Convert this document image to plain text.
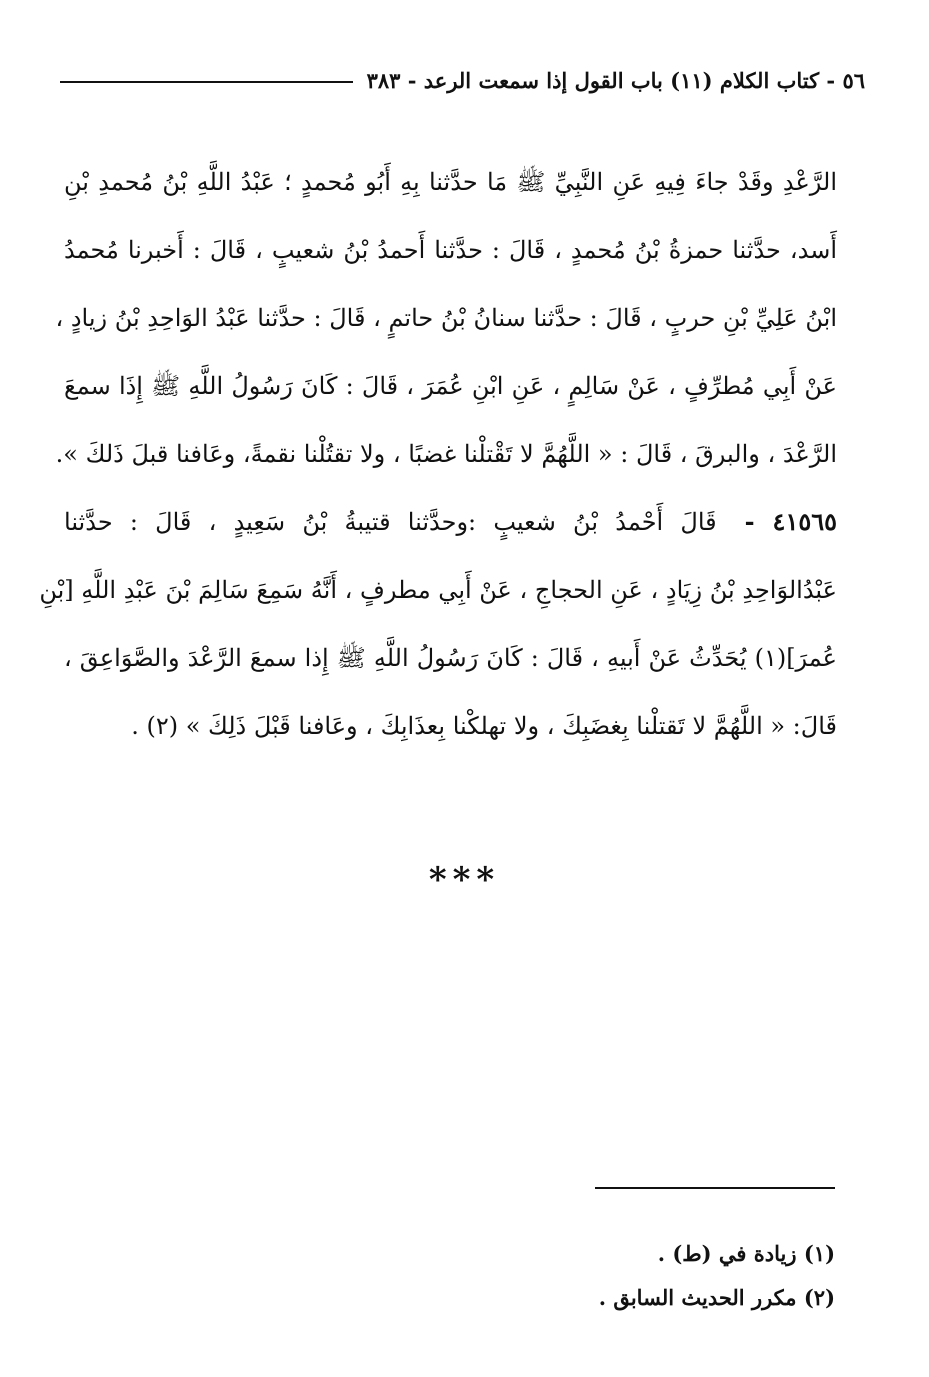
٥٦ - كتاب الكلام (١١) باب القول إذا سمعت الرعد - ٣٨٣
الرَّعْدِ وقَدْ جاءَ فِيهِ عَنِ النَّبِيِّ ﷺ مَا حدَّثنا بِهِ أَبُو مُحمدٍ ؛ عَبْدُ اللَّهِ بْنُ مُحمدِ بْنِ
أَسد، حدَّثنا حمزةُ بْنُ مُحمدٍ ، قَالَ : حدَّثنا أَحمدُ بْنُ شعيبٍ ، قَالَ : أَخبرنا مُحمدُ
ابْنُ عَلِيِّ بْنِ حربٍ ، قَالَ : حدَّثنا سنانُ بْنُ حاتمٍ ، قَالَ : حدَّثنا عَبْدُ الوَاحِدِ بْنُ زيادٍ ،
عَنْ أَبِي مُطرِّفٍ ، عَنْ سَالِمٍ ، عَنِ ابْنِ عُمَرَ ، قَالَ : كَانَ رَسُولُ اللَّهِ ﷺ إِذَا سمعَ
الرَّعْدَ ، والبرقَ ، قَالَ : « اللَّهُمَّ لا تَقْتلْنا غضبًا ، ولا تقتُلْنا نقمةً، وعَافنا قبلَ ذَلكَ ».
٤١٥٦٥ -قَالَ أَحْمدُ بْنُ شعيبٍ :وحدَّثنا قتيبةُ بْنُ سَعِيدٍ ، قَالَ : حدَّثنا
عَبْدُالوَاحِدِ بْنُ زِيَادٍ ، عَنِ الحجاجِ ، عَنْ أَبِي مطرفٍ ، أَنَّهُ سَمِعَ سَالِمَ بْنَ عَبْدِ اللَّهِ [بْنِ
عُمرَ](١) يُحَدِّثُ عَنْ أَبيهِ ، قَالَ : كَانَ رَسُولُ اللَّهِ ﷺ إِذا سمعَ الرَّعْدَ والصَّوَاعِقَ ،
قَالَ: « اللَّهُمَّ لا تَقتلْنا بِغضَبِكَ ، ولا تهلكْنا بِعذَابِكَ ، وعَافنا قَبْلَ ذَلِكَ » (٢) .
***
(١) زيادة في (ط) .
(٢) مكرر الحديث السابق .
